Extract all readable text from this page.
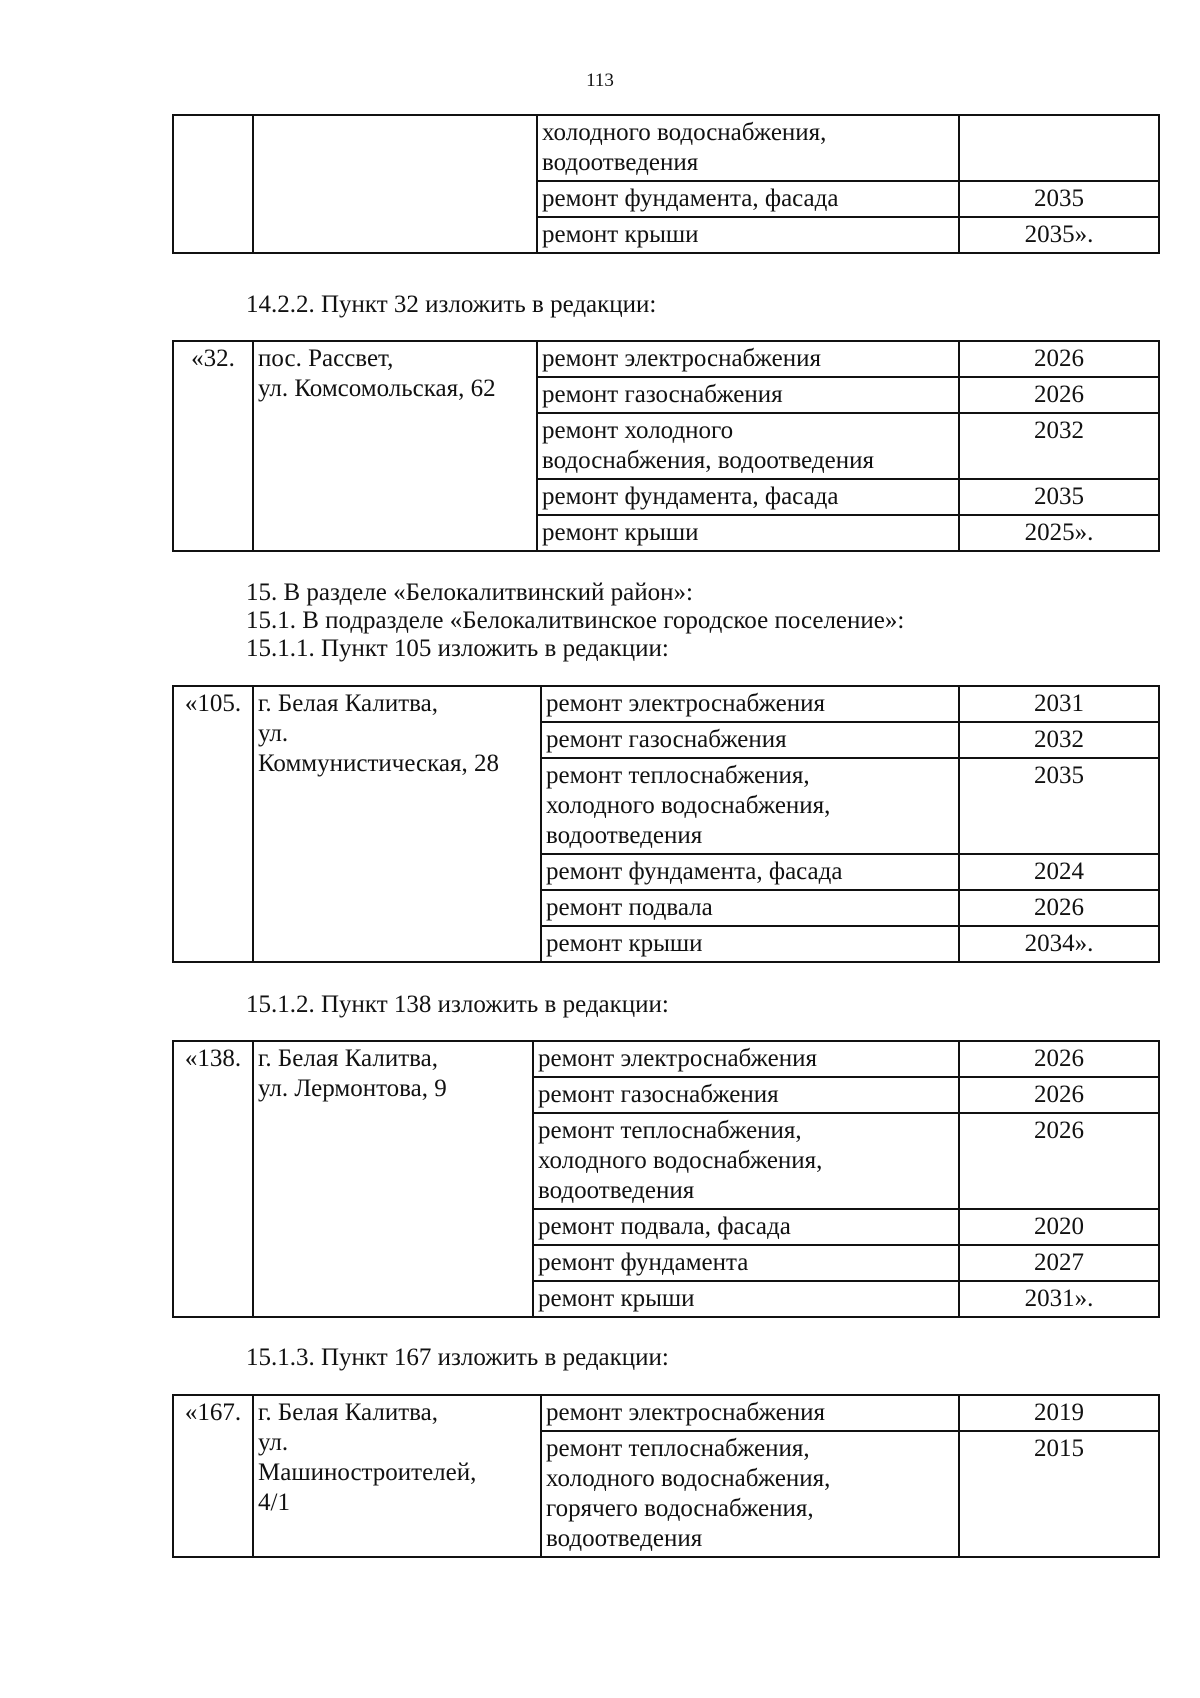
113

		холодного водоснабжения,
водоотведения	

		ремонт фундамента, фасада	2035

		ремонт крыши	2035».
14.2.2. Пункт 32 изложить в редакции:
«32.	пос. Рассвет,
ул. Комсомольская, 62	ремонт электроснабжения	2026

		ремонт газоснабжения	2026

		ремонт холодного
водоснабжения, водоотведения	2032

		ремонт фундамента, фасада	2035

		ремонт крыши	2025».
15. В разделе «Белокалитвинский район»:
15.1. В подразделе «Белокалитвинское городское поселение»:
15.1.1. Пункт 105 изложить в редакции:
«105.	г. Белая Калитва,
ул.
Коммунистическая, 28	ремонт электроснабжения	2031

		ремонт газоснабжения	2032

		ремонт теплоснабжения,
холодного водоснабжения,
водоотведения	2035

		ремонт фундамента, фасада	2024

		ремонт подвала	2026

		ремонт крыши	2034».
15.1.2. Пункт 138 изложить в редакции:
«138.	г. Белая Калитва,
ул. Лермонтова, 9	ремонт электроснабжения	2026

		ремонт газоснабжения	2026

		ремонт теплоснабжения,
холодного водоснабжения,
водоотведения	2026

		ремонт подвала, фасада	2020

		ремонт фундамента	2027

		ремонт крыши	2031».
15.1.3. Пункт 167 изложить в редакции:
«167.	г. Белая Калитва,
ул.
Машиностроителей,
4/1	ремонт электроснабжения	2019

		ремонт теплоснабжения,
холодного водоснабжения,
горячего водоснабжения,
водоотведения	2015
